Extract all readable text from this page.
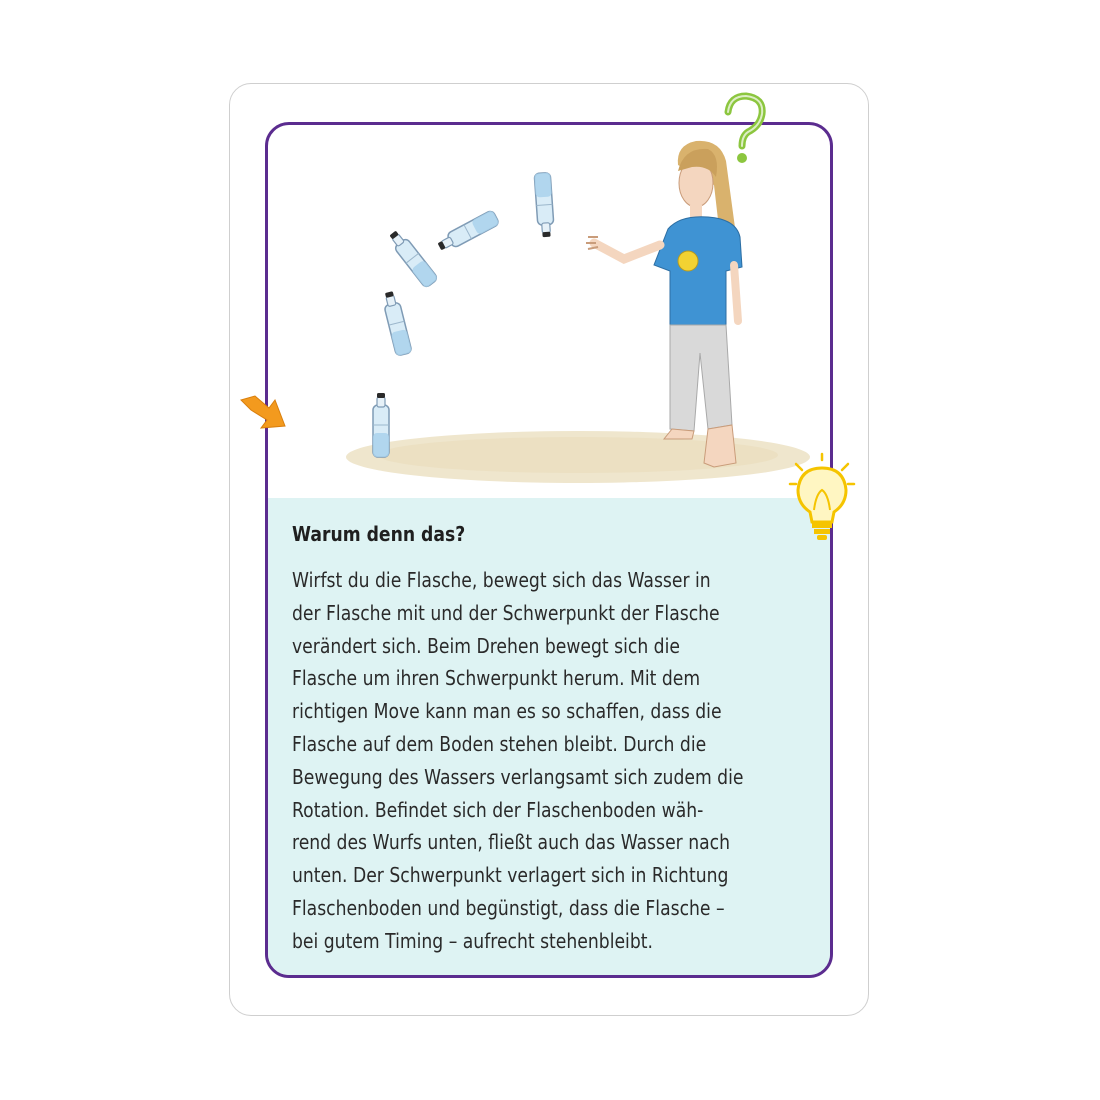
Warum denn das?

Wirfst du die Flasche, bewegt sich das Wasser in
der Flasche mit und der Schwerpunkt der Flasche
verändert sich. Beim Drehen bewegt sich die
Flasche um ihren Schwerpunkt herum. Mit dem
richtigen Move kann man es so schaffen, dass die
Flasche auf dem Boden stehen bleibt. Durch die
Bewegung des Wassers verlangsamt sich zudem die
Rotation. Befindet sich der Flaschenboden wäh-
rend des Wurfs unten, fließt auch das Wasser nach
unten. Der Schwerpunkt verlagert sich in Richtung
Flaschenboden und begünstigt, dass die Flasche –
bei gutem Timing – aufrecht stehenbleibt.
